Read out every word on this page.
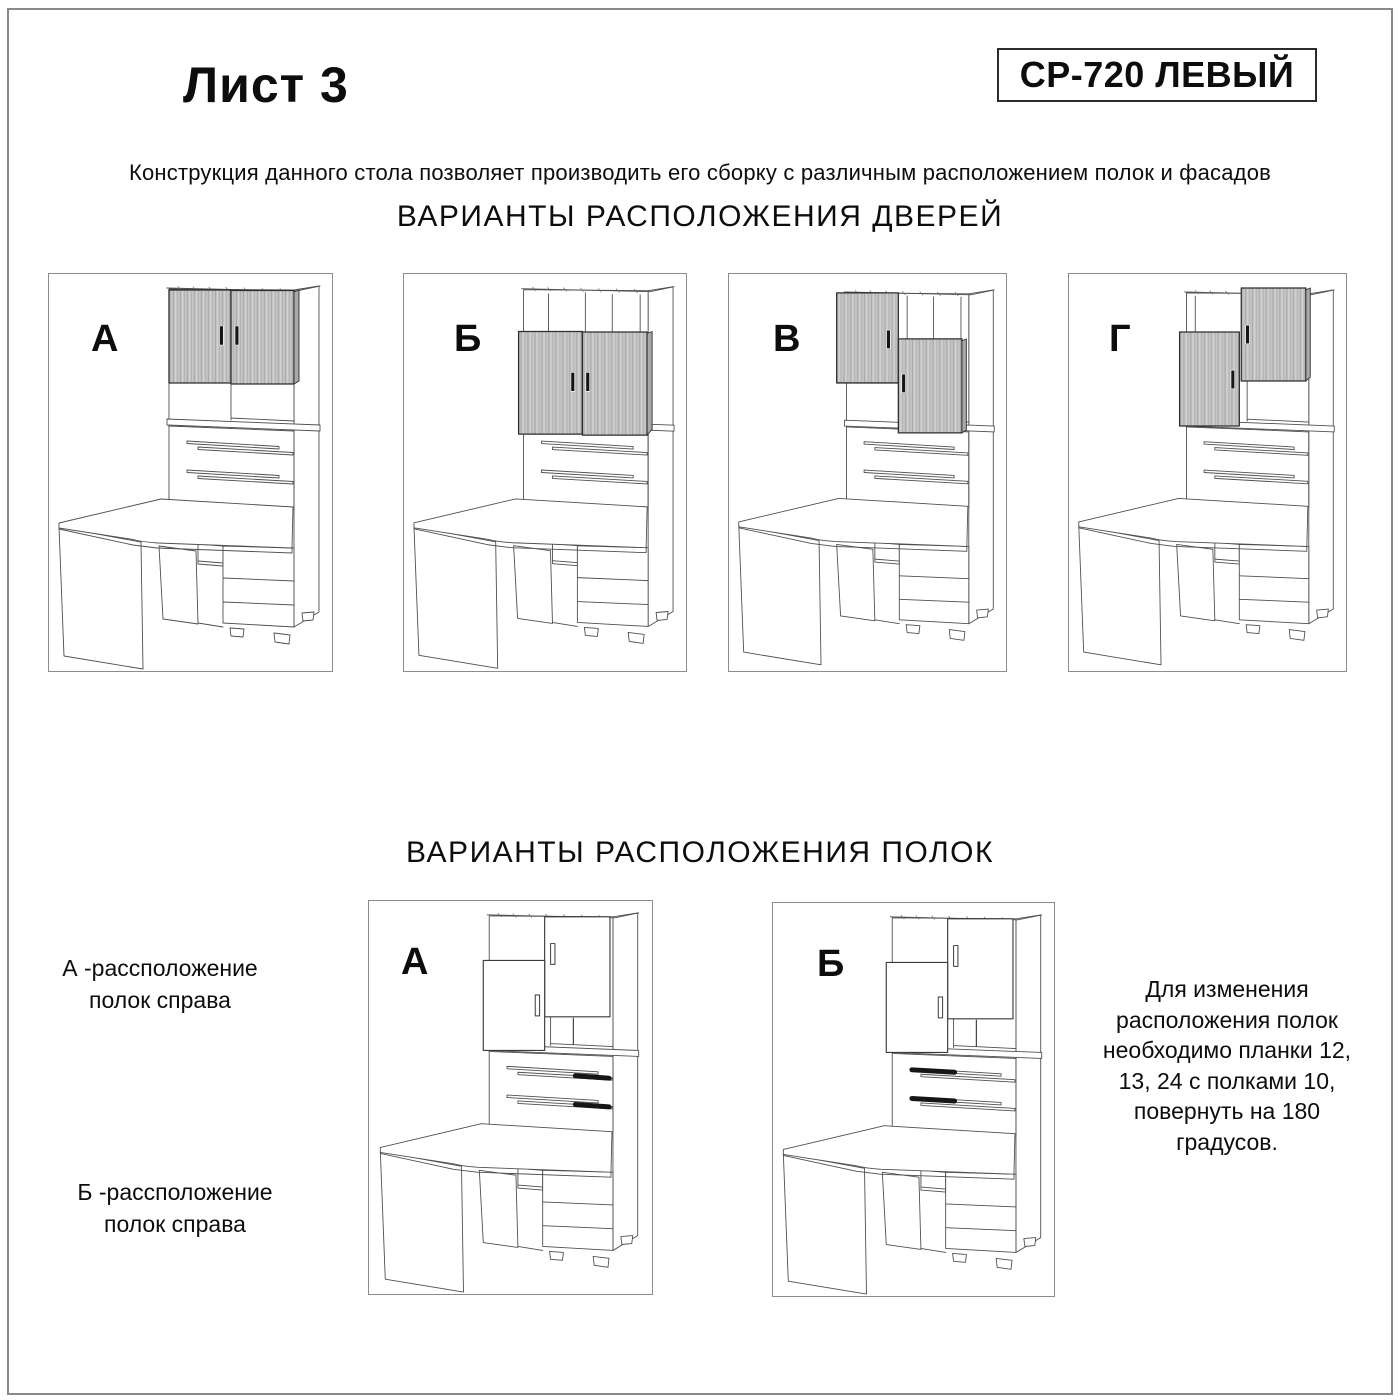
Лист 3	СР-720 ЛЕВЫЙ
Конструкция данного стола позволяет производить его сборку с различным расположением полок и фасадов
ВАРИАНТЫ РАСПОЛОЖЕНИЯ ДВЕРЕЙ
А	Б	В	Г
ВАРИАНТЫ РАСПОЛОЖЕНИЯ ПОЛОК
А -рассположение
полок справа
Б -рассположение
полок справа
А	Б
Для изменения
расположения полок
необходимо планки 12,
13, 24 с полками 10,
повернуть на 180
градусов.
